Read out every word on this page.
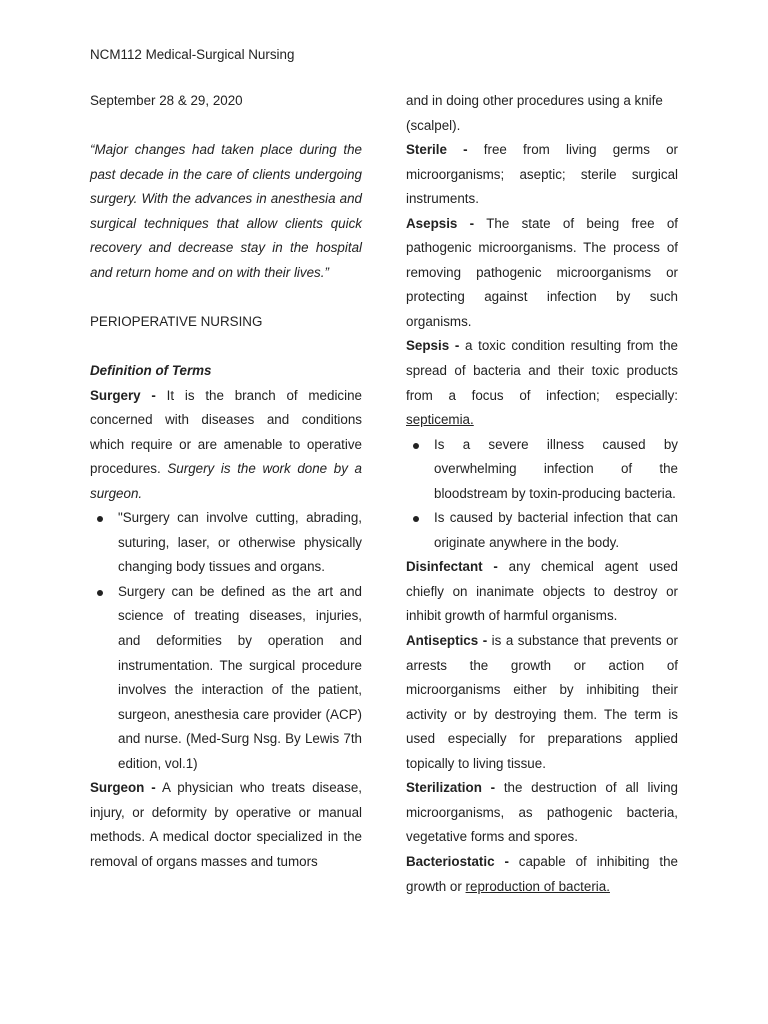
NCM112 Medical-Surgical Nursing

September 28 & 29, 2020

“Major changes had taken place during the past decade in the care of clients undergoing surgery. With the advances in anesthesia and surgical techniques that allow clients quick recovery and decrease stay in the hospital and return home and on with their lives.”

PERIOPERATIVE NURSING

Definition of Terms

Surgery - It is the branch of medicine concerned with diseases and conditions which require or are amenable to operative procedures. Surgery is the work done by a surgeon.

"Surgery can involve cutting, abrading, suturing, laser, or otherwise physically changing body tissues and organs.
Surgery can be defined as the art and science of treating diseases, injuries, and deformities by operation and instrumentation. The surgical procedure involves the interaction of the patient, surgeon, anesthesia care provider (ACP) and nurse. (Med-Surg Nsg. By Lewis 7th edition, vol.1)

Surgeon - A physician who treats disease, injury, or deformity by operative or manual methods. A medical doctor specialized in the removal of organs masses and tumors

and in doing other procedures using a knife (scalpel).

Sterile - free from living germs or microorganisms; aseptic; sterile surgical instruments.

Asepsis - The state of being free of pathogenic microorganisms. The process of removing pathogenic microorganisms or protecting against infection by such organisms.

Sepsis - a toxic condition resulting from the spread of bacteria and their toxic products from a focus of infection; especially: septicemia.

Is a severe illness caused by overwhelming infection of the bloodstream by toxin-producing bacteria.
Is caused by bacterial infection that can originate anywhere in the body.

Disinfectant - any chemical agent used chiefly on inanimate objects to destroy or inhibit growth of harmful organisms.

Antiseptics - is a substance that prevents or arrests the growth or action of microorganisms either by inhibiting their activity or by destroying them. The term is used especially for preparations applied topically to living tissue.

Sterilization - the destruction of all living microorganisms, as pathogenic bacteria, vegetative forms and spores.

Bacteriostatic - capable of inhibiting the growth or reproduction of bacteria.
